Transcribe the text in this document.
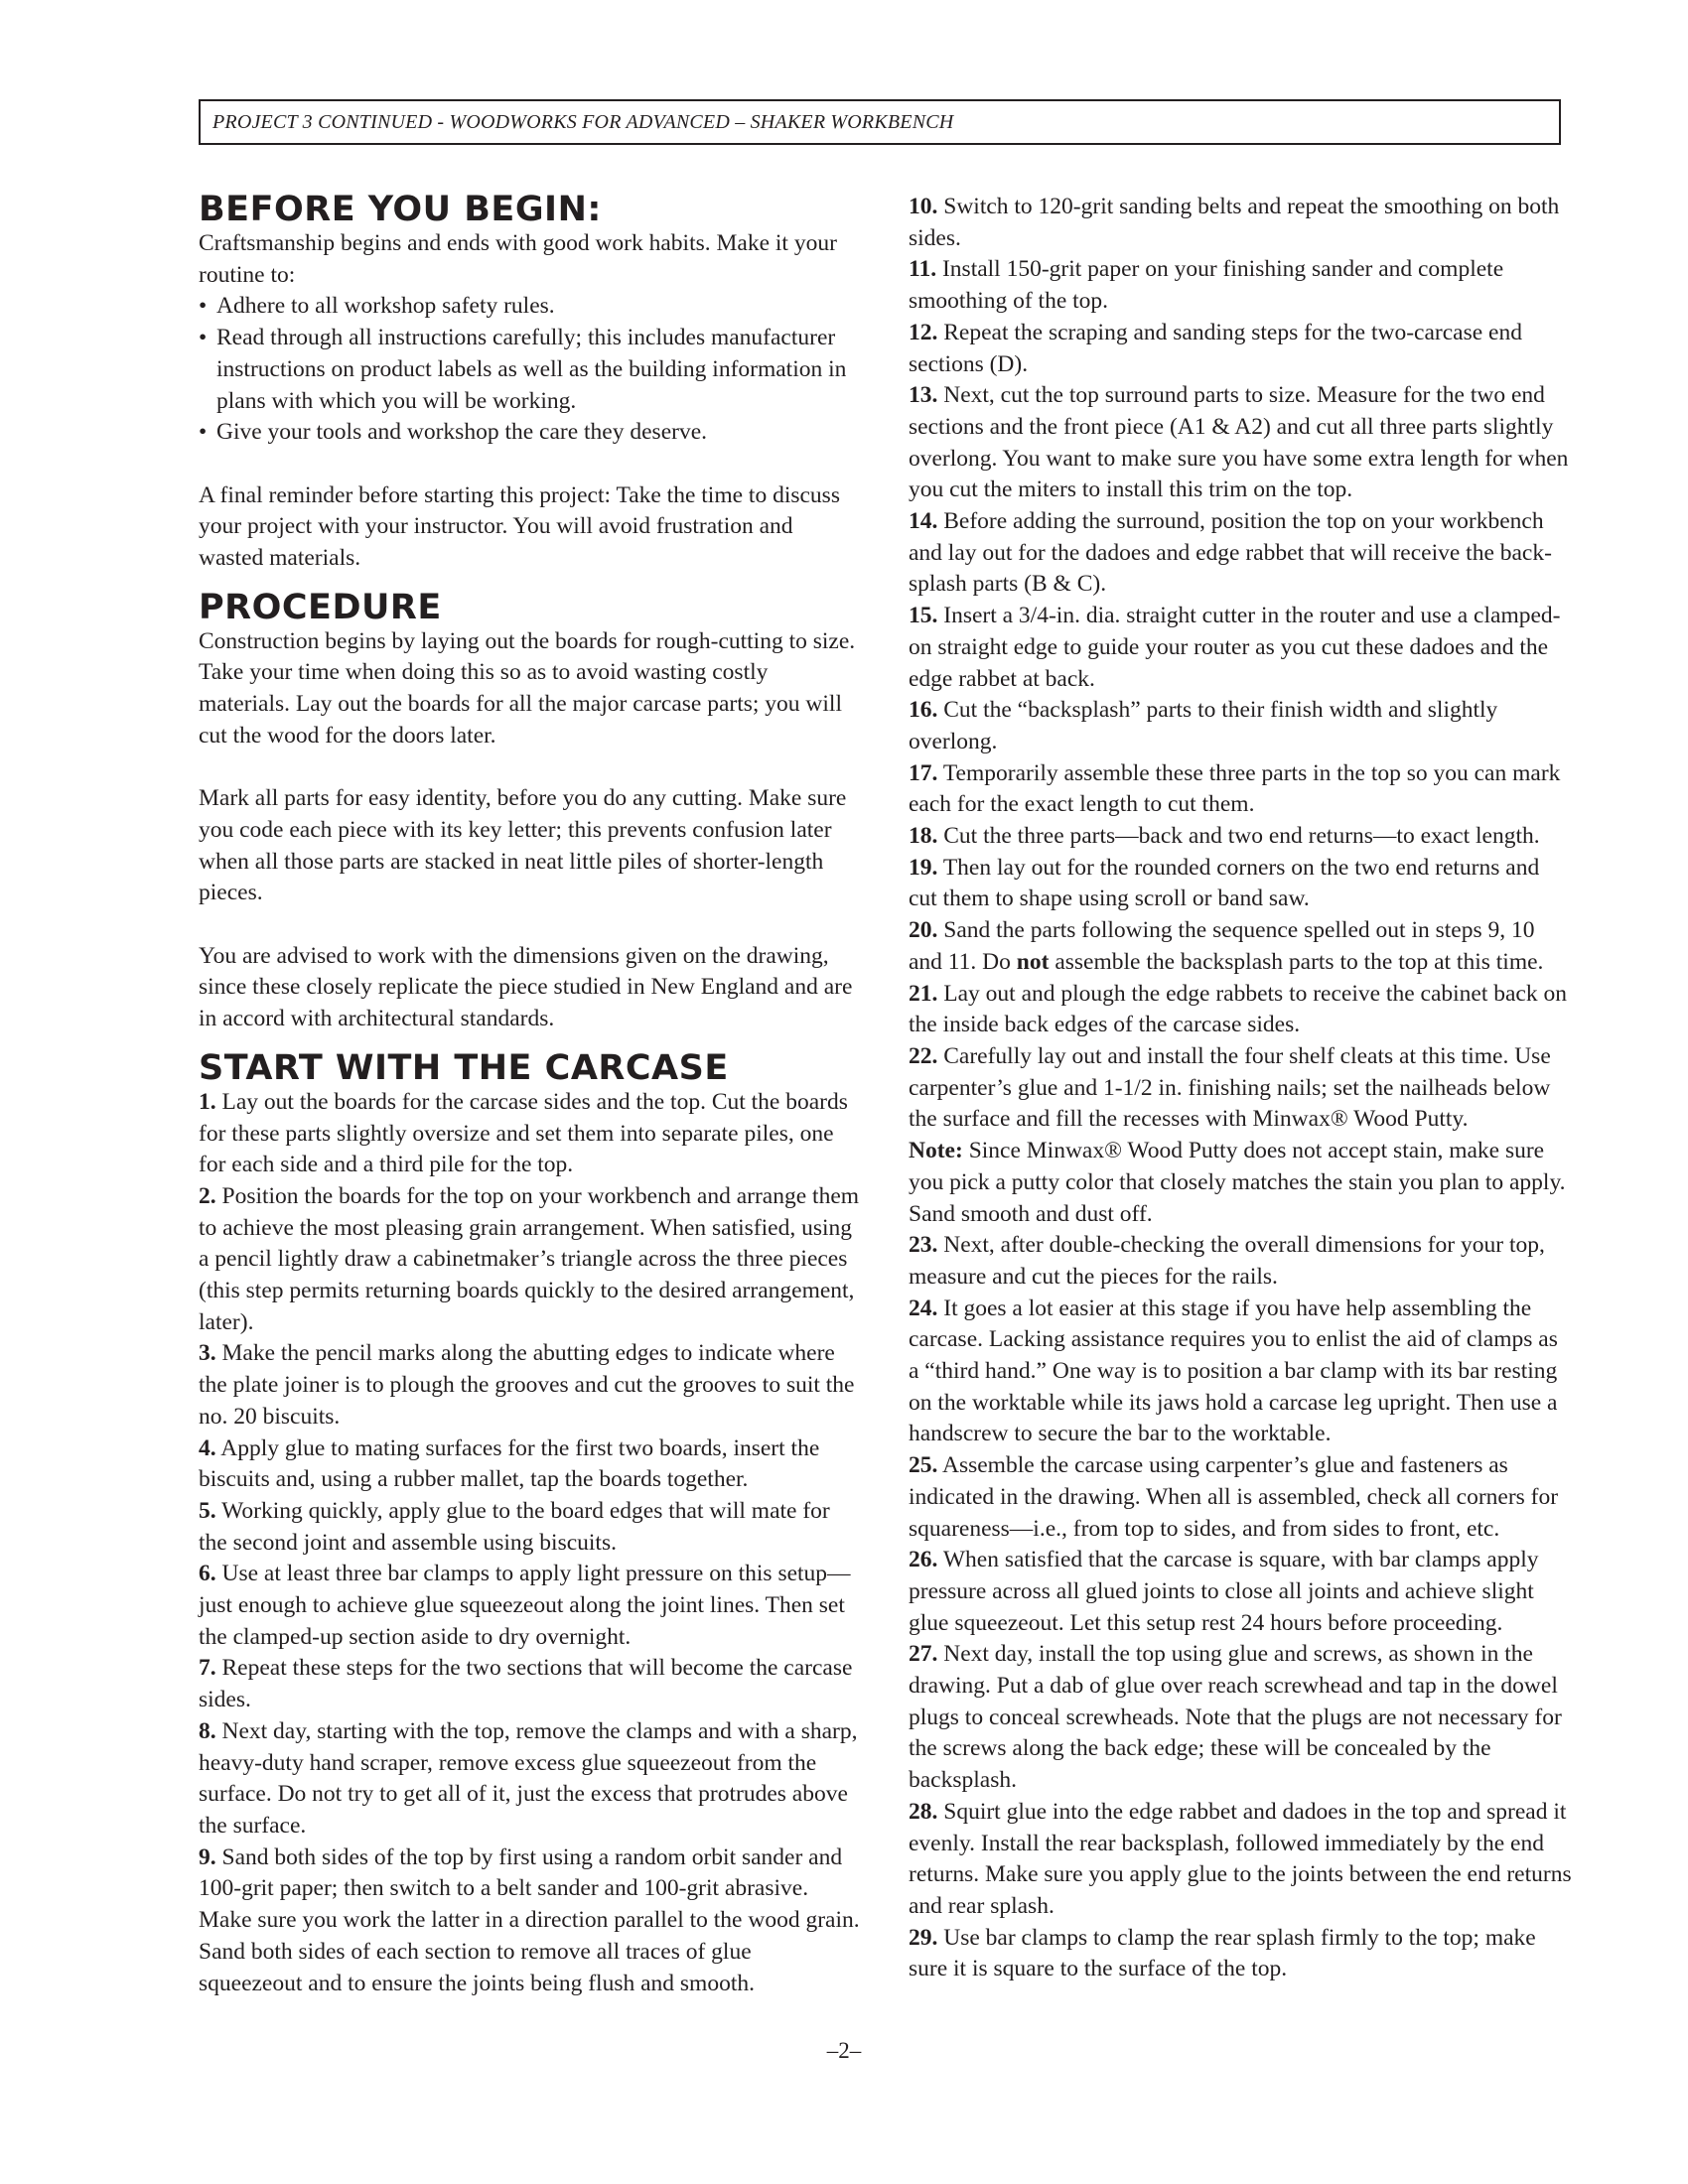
PROJECT 3 CONTINUED - WOODWORKS FOR ADVANCED – SHAKER WORKBENCH
BEFORE YOU BEGIN:

Craftsmanship begins and ends with good work habits. Make it your routine to:

• Adhere to all workshop safety rules.
• Read through all instructions carefully; this includes manufacturer instructions on product labels as well as the building information in plans with which you will be working.
• Give your tools and workshop the care they deserve.

A final reminder before starting this project: Take the time to discuss your project with your instructor. You will avoid frustration and wasted materials.

PROCEDURE

Construction begins by laying out the boards for rough-cutting to size. Take your time when doing this so as to avoid wasting costly materials. Lay out the boards for all the major carcase parts; you will cut the wood for the doors later.

Mark all parts for easy identity, before you do any cutting. Make sure you code each piece with its key letter; this prevents confusion later when all those parts are stacked in neat little piles of shorter-length pieces.

You are advised to work with the dimensions given on the drawing, since these closely replicate the piece studied in New England and are in accord with architectural standards.

START WITH THE CARCASE

1. Lay out the boards for the carcase sides and the top. Cut the boards for these parts slightly oversize and set them into separate piles, one for each side and a third pile for the top.

2. Position the boards for the top on your workbench and arrange them to achieve the most pleasing grain arrangement. When satisfied, using a pencil lightly draw a cabinetmaker’s triangle across the three pieces (this step permits returning boards quickly to the desired arrangement, later).

3. Make the pencil marks along the abutting edges to indicate where the plate joiner is to plough the grooves and cut the grooves to suit the no. 20 biscuits.

4. Apply glue to mating surfaces for the first two boards, insert the biscuits and, using a rubber mallet, tap the boards together.

5. Working quickly, apply glue to the board edges that will mate for the second joint and assemble using biscuits.

6. Use at least three bar clamps to apply light pressure on this setup—just enough to achieve glue squeezeout along the joint lines. Then set the clamped-up section aside to dry overnight.

7. Repeat these steps for the two sections that will become the carcase sides.

8. Next day, starting with the top, remove the clamps and with a sharp, heavy-duty hand scraper, remove excess glue squeezeout from the surface. Do not try to get all of it, just the excess that protrudes above the surface.

9. Sand both sides of the top by first using a random orbit sander and 100-grit paper; then switch to a belt sander and 100-grit abrasive. Make sure you work the latter in a direction parallel to the wood grain. Sand both sides of each section to remove all traces of glue squeezeout and to ensure the joints being flush and smooth.

10. Switch to 120-grit sanding belts and repeat the smoothing on both sides.

11. Install 150-grit paper on your finishing sander and complete smoothing of the top.

12. Repeat the scraping and sanding steps for the two-carcase end sections (D).

13. Next, cut the top surround parts to size. Measure for the two end sections and the front piece (A1 & A2) and cut all three parts slightly overlong. You want to make sure you have some extra length for when you cut the miters to install this trim on the top.

14. Before adding the surround, position the top on your workbench and lay out for the dadoes and edge rabbet that will receive the back-splash parts (B & C).

15. Insert a 3/4-in. dia. straight cutter in the router and use a clamped-on straight edge to guide your router as you cut these dadoes and the edge rabbet at back.

16. Cut the “backsplash” parts to their finish width and slightly overlong.

17. Temporarily assemble these three parts in the top so you can mark each for the exact length to cut them.

18. Cut the three parts—back and two end returns—to exact length.

19. Then lay out for the rounded corners on the two end returns and cut them to shape using scroll or band saw.

20. Sand the parts following the sequence spelled out in steps 9, 10 and 11. Do not assemble the backsplash parts to the top at this time.

21. Lay out and plough the edge rabbets to receive the cabinet back on the inside back edges of the carcase sides.

22. Carefully lay out and install the four shelf cleats at this time. Use carpenter’s glue and 1-1/2 in. finishing nails; set the nailheads below the surface and fill the recesses with Minwax® Wood Putty.

Note: Since Minwax® Wood Putty does not accept stain, make sure you pick a putty color that closely matches the stain you plan to apply. Sand smooth and dust off.

23. Next, after double-checking the overall dimensions for your top, measure and cut the pieces for the rails.

24. It goes a lot easier at this stage if you have help assembling the carcase. Lacking assistance requires you to enlist the aid of clamps as a “third hand.” One way is to position a bar clamp with its bar resting on the worktable while its jaws hold a carcase leg upright. Then use a handscrew to secure the bar to the worktable.

25. Assemble the carcase using carpenter’s glue and fasteners as indicated in the drawing. When all is assembled, check all corners for squareness—i.e., from top to sides, and from sides to front, etc.

26. When satisfied that the carcase is square, with bar clamps apply pressure across all glued joints to close all joints and achieve slight glue squeezeout. Let this setup rest 24 hours before proceeding.

27. Next day, install the top using glue and screws, as shown in the drawing. Put a dab of glue over reach screwhead and tap in the dowel plugs to conceal screwheads. Note that the plugs are not necessary for the screws along the back edge; these will be concealed by the backsplash.

28. Squirt glue into the edge rabbet and dadoes in the top and spread it evenly. Install the rear backsplash, followed immediately by the end returns. Make sure you apply glue to the joints between the end returns and rear splash.

29. Use bar clamps to clamp the rear splash firmly to the top; make sure it is square to the surface of the top.

–2–
